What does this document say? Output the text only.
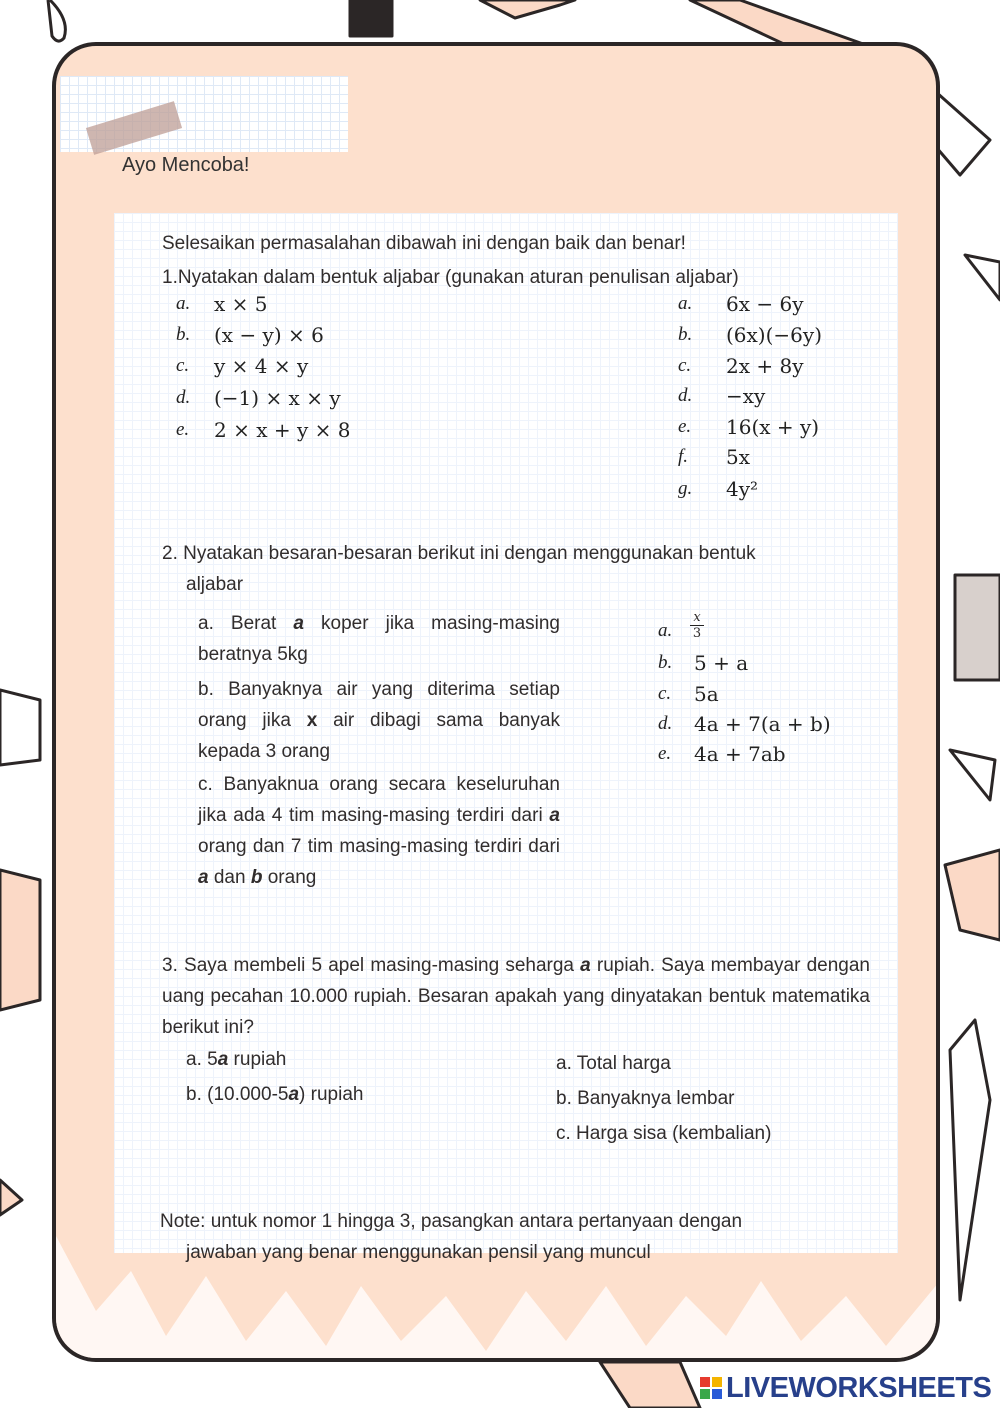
Ayo Mencoba!
Selesaikan permasalahan dibawah ini dengan baik dan benar!
1.Nyatakan dalam bentuk aljabar (gunakan aturan penulisan aljabar)
a. x × 5
b. (x − y) × 6
c. y × 4 × y
d. (−1) × x × y
e. 2 × x + y × 8
a. 6x − 6y
b. (6x)(−6y)
c. 2x + 8y
d. −xy
e. 16(x + y)
f. 5x
g. 4y²
2. Nyatakan besaran-besaran berikut ini dengan menggunakan bentuk
aljabar
a. Berat a koper jika masing-masing beratnya 5kg
b. Banyaknya air yang diterima setiap orang jika x air dibagi sama banyak kepada 3 orang
c. Banyaknua orang secara keseluruhan jika ada 4 tim masing-masing terdiri dari a orang dan 7 tim masing-masing terdiri dari a dan b orang
a.
x
3
b. 5 + a
c. 5a
d. 4a + 7(a + b)
e. 4a + 7ab
3. Saya membeli 5 apel masing-masing seharga a rupiah. Saya membayar dengan uang pecahan 10.000 rupiah. Besaran apakah yang dinyatakan bentuk matematika berikut ini?
a. 5a rupiah
b. (10.000-5a) rupiah
a. Total harga
b. Banyaknya lembar
c. Harga sisa (kembalian)
Note: untuk nomor 1 hingga 3, pasangkan antara pertanyaan dengan
jawaban yang benar menggunakan pensil yang muncul
LIVEWORKSHEETS
